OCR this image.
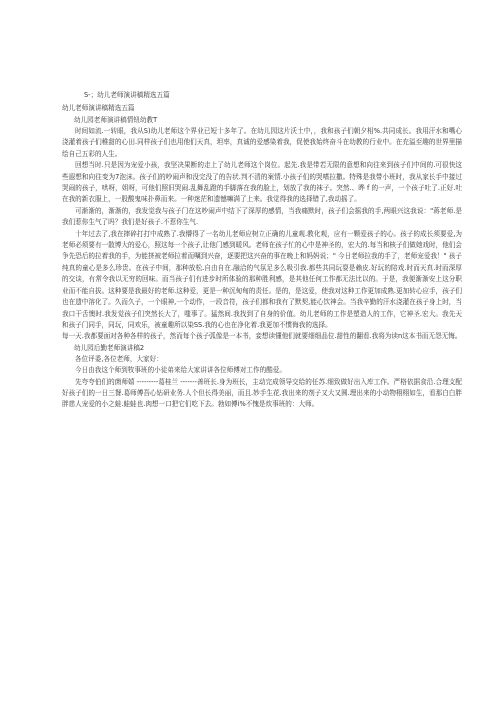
S-；幼儿老师演讲稿精选五篇
幼儿老师演讲稿精选五篇
幼儿园老师演讲稿情钮幼教T
时间如流.一转眼，我从S)幼儿老师这个界业已短十多年了。在幼儿园这片沃土中，，我和孩子们朝夕相%.共同成长。我用汗水和嘴心浇灌着孩子们稚甜的心田.同样孩子们也用他们天真，坦率，真诚的爱感染着我，促使我始终奋斗在幼教的行业中。在充溢至趣的世界里描绘自己五彩的人生。
回想当时.只是因为宠爱小孩，我坚决果断的走上了幼儿老师这个岗位。起先.我是带若无限的意想和向往来到孩子们中间的.可很快这些遐想和向往变为7泡沫。孩子们的吵闹声和没完没了的告状.判不清的案情.小孩子们的哭嗜拉撒。特殊是我带小班时，我从家长手中接过哭闹的孩子，哄呀，姐呀，可他们照旧哭闹.乱舞乱蹬的手脚落在我的脸上，划放了我的袜子。突然.、晔 f 的一声，一个孩子吐了.正好.吐在我的新衣服上，一股酸鬼味扑鼻而来。一种迷茫和遗憾嘛满了上来。我觉得我的选择错了,我动摇了。
可渐渐的，渐渐的，我发觉我与孩子门在这吵闹声中结下了深厚的感情，当我痛默时，孩子们会摇我的手,两眼兴这我说："蒋老师.是我们惹你生气了吗？我们是好孩子.不惹你生气.
十年过去了,我在摔碎打打中成熟了.我懵得了一名幼儿老师应树立正确的儿童观.教化观，应有一颗爱孩子的心。孩子的成长须要爱,为老师必须要有一散博大的爱心，照这每一个孩子,让他门感到暖风。老师在孩子忙的心中是神圣的，宏大的.每当和核子们做她戏时，他们会争先恐后的拉着我的手，为能挤被老师拉着而嘱到兴奋，逐要把这兴奋的事在晚上和妈妈说；" 今日老师拉我的手了，老师宠爱我！" 孩子纯真的童心是多么珍贵。在孩子中间，那种放松.自由自在.融洽的气氛足多么吸引我.都些共同玩耍是赖皮.好玩的陪戏.时而天真.时而深厚的交谈，有常令我以无穷的回味。而当孩子们有进步时所体验的那种胜利感，是其他任何工作都无法比以的。于是，我便渐渐安上这分职业而不能自拔。这种要是我最好的老师.这种爱，更是一种沉甸甸的责任。是的，是这爱，使我对这种工作更加成熟.更加转心应手，孩子们也在遗中溶化了。久而久子，一个眼神,一个动作，一段音符，孩子们都和我有了默契,能心饮神会。当我辛勤的汗水浇灌在孩子身上时，当我口干舌懊时.我发觉孩子们突然长大了，嗤事了。猛然间.我找到了自身的价值。幼儿老师的工作是塑造人的工作，它神圣.宏大。我先天和孩子门同手，同玩，同欢乐，被童趣所以染SS.我的心也在净化着.我更加不惯侮我的选择。
每一天.我都要面对各种各样的孩子，然而每个孩子弧像是一本书，妾想读懂他们就要细细品位.甜性的翻看.我将为读n这本书而无怨无悔。
幼儿园后勤老师演讲稿2
各位评委,各位老师，大家好：
今日由我这个师到牧事班的小徒弟来给大家讲讲各位师傅对工作的酷爱。
先夸夸伯们的菌师嬉 ---------葛桂兰 -------善班长.身为班长，主动完成领导交给的任苏.细致做好出入库工作。严格依据食沿.合理支配好孩子们的一日三餐.葛师傅吾心钻研业务.人个但长得美丽，而且.妙手生花.我出来的剂子又大又圆.理出来的小动物栩栩如生，看那白白胖胖慈人宠爱的小之蛙.蛙蛙也.肉想一口把它们吃下去。勃如傅i%不愧是炊事班的：大师。
